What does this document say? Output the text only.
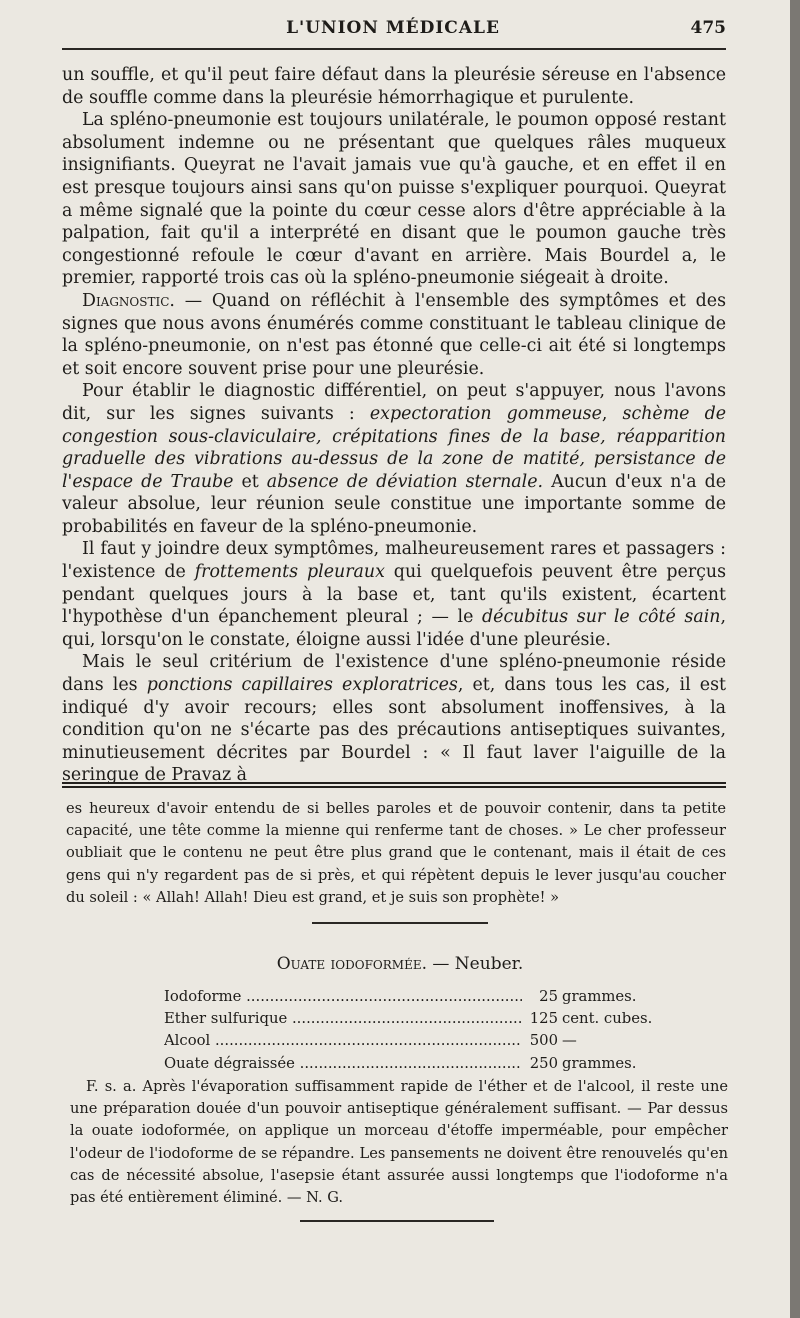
L'UNION MÉDICALE	475

un souffle, et qu'il peut faire défaut dans la pleurésie séreuse en l'absence de souffle comme dans la pleurésie hémorrhagique et purulente.

La spléno-pneumonie est toujours unilatérale, le poumon opposé restant absolument indemne ou ne présentant que quelques râles muqueux insignifiants. Queyrat ne l'avait jamais vue qu'à gauche, et en effet il en est presque toujours ainsi sans qu'on puisse s'expliquer pourquoi. Queyrat a même signalé que la pointe du cœur cesse alors d'être appréciable à la palpation, fait qu'il a interprété en disant que le poumon gauche très congestionné refoule le cœur d'avant en arrière. Mais Bourdel a, le premier, rapporté trois cas où la spléno-pneumonie siégeait à droite.

Diagnostic. — Quand on réfléchit à l'ensemble des symptômes et des signes que nous avons énumérés comme constituant le tableau clinique de la spléno-pneumonie, on n'est pas étonné que celle-ci ait été si longtemps et soit encore souvent prise pour une pleurésie.

Pour établir le diagnostic différentiel, on peut s'appuyer, nous l'avons dit, sur les signes suivants : expectoration gommeuse, schème de congestion sous-claviculaire, crépitations fines de la base, réapparition graduelle des vibrations au-dessus de la zone de matité, persistance de l'espace de Traube et absence de déviation sternale. Aucun d'eux n'a de valeur absolue, leur réunion seule constitue une importante somme de probabilités en faveur de la spléno-pneumonie.

Il faut y joindre deux symptômes, malheureusement rares et passagers : l'existence de frottements pleuraux qui quelquefois peuvent être perçus pendant quelques jours à la base et, tant qu'ils existent, écartent l'hypothèse d'un épanchement pleural ; — le décubitus sur le côté sain, qui, lorsqu'on le constate, éloigne aussi l'idée d'une pleurésie.

Mais le seul critérium de l'existence d'une spléno-pneumonie réside dans les ponctions capillaires exploratrices, et, dans tous les cas, il est indiqué d'y avoir recours; elles sont absolument inoffensives, à la condition qu'on ne s'écarte pas des précautions antiseptiques suivantes, minutieusement décrites par Bourdel : « Il faut laver l'aiguille de la seringue de Pravaz à

es heureux d'avoir entendu de si belles paroles et de pouvoir contenir, dans ta petite capacité, une tête comme la mienne qui renferme tant de choses. » Le cher professeur oubliait que le contenu ne peut être plus grand que le contenant, mais il était de ces gens qui n'y regardent pas de si près, et qui répètent depuis le lever jusqu'au coucher du soleil : « Allah! Allah! Dieu est grand, et je suis son prophète! »

Ouate iodoformée. — Neuber.
Iodoforme .....	25 grammes.
Ether sulfurique .....	125 cent. cubes.
Alcool .....	500 —
Ouate dégraissée .....	250 grammes.

F. s. a. Après l'évaporation suffisamment rapide de l'éther et de l'alcool, il reste une une préparation douée d'un pouvoir antiseptique généralement suffisant. — Par dessus la ouate iodoformée, on applique un morceau d'étoffe imperméable, pour empêcher l'odeur de l'iodoforme de se répandre. Les pansements ne doivent être renouvelés qu'en cas de nécessité absolue, l'asepsie étant assurée aussi longtemps que l'iodoforme n'a pas été entièrement éliminé. — N. G.
